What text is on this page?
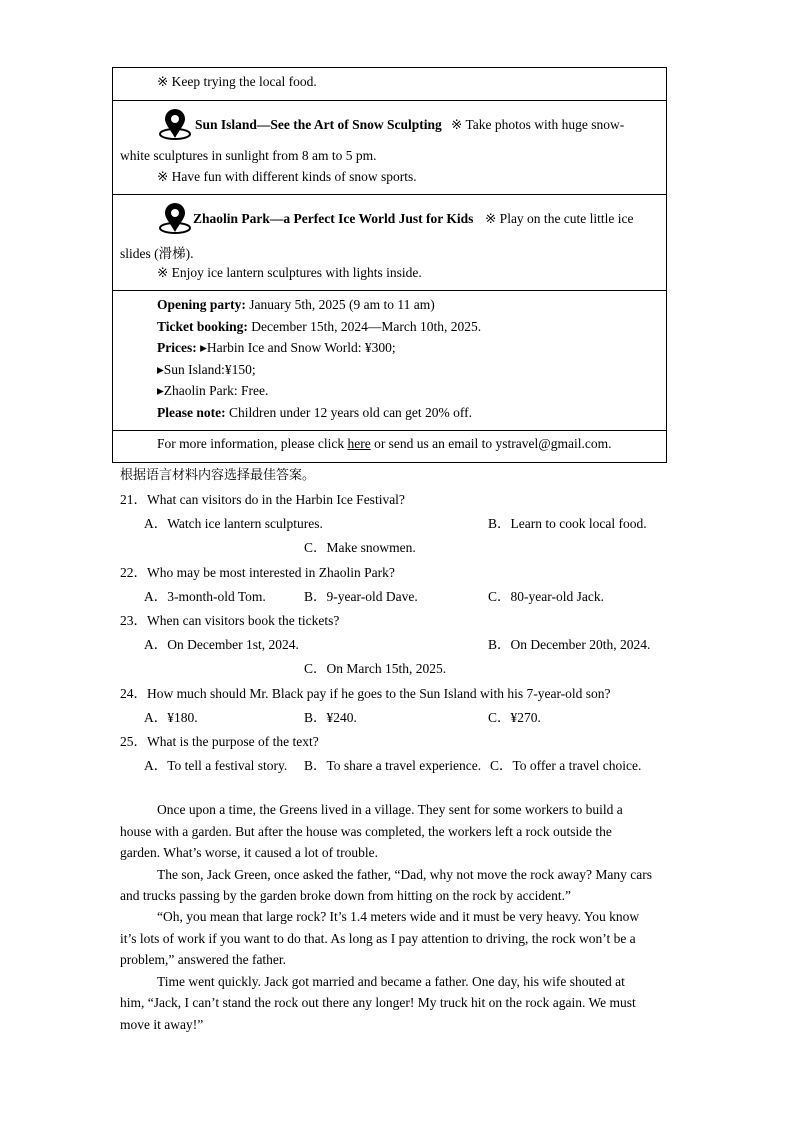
※ Keep trying the local food.
Sun Island—See the Art of Snow Sculpting ※ Take photos with huge snow-
white sculptures in sunlight from 8 am to 5 pm.
※ Have fun with different kinds of snow sports.
Zhaolin Park—a Perfect Ice World Just for Kids ※ Play on the cute little ice
slides (滑梯).
※ Enjoy ice lantern sculptures with lights inside.
Opening party: January 5th, 2025 (9 am to 11 am)
Ticket booking: December 15th, 2024—March 10th, 2025.
Prices: ▸Harbin Ice and Snow World: ¥300;
▸Sun Island:¥150;
▸Zhaolin Park: Free.
Please note: Children under 12 years old can get 20% off.
For more information, please click here or send us an email to ystravel@gmail.com.
根据语言材料内容选择最佳答案。
21．What can visitors do in the Harbin Ice Festival?
A．Watch ice lantern sculptures.	B．Learn to cook local food.
C．Make snowmen.
22．Who may be most interested in Zhaolin Park?
A．3-month-old Tom.	B．9-year-old Dave.	C．80-year-old Jack.
23．When can visitors book the tickets?
A．On December 1st, 2024.	B．On December 20th, 2024.
C．On March 15th, 2025.
24．How much should Mr. Black pay if he goes to the Sun Island with his 7-year-old son?
A．¥180.	B．¥240.	C．¥270.
25．What is the purpose of the text?
A．To tell a festival story. B．To share a travel experience. C．To offer a travel choice.
Once upon a time, the Greens lived in a village. They sent for some workers to build a
house with a garden. But after the house was completed, the workers left a rock outside the
garden. What’s worse, it caused a lot of trouble.
The son, Jack Green, once asked the father, “Dad, why not move the rock away? Many cars
and trucks passing by the garden broke down from hitting on the rock by accident.”
“Oh, you mean that large rock? It’s 1.4 meters wide and it must be very heavy. You know
it’s lots of work if you want to do that. As long as I pay attention to driving, the rock won’t be a
problem,” answered the father.
Time went quickly. Jack got married and became a father. One day, his wife shouted at
him, “Jack, I can’t stand the rock out there any longer! My truck hit on the rock again. We must
move it away!”
